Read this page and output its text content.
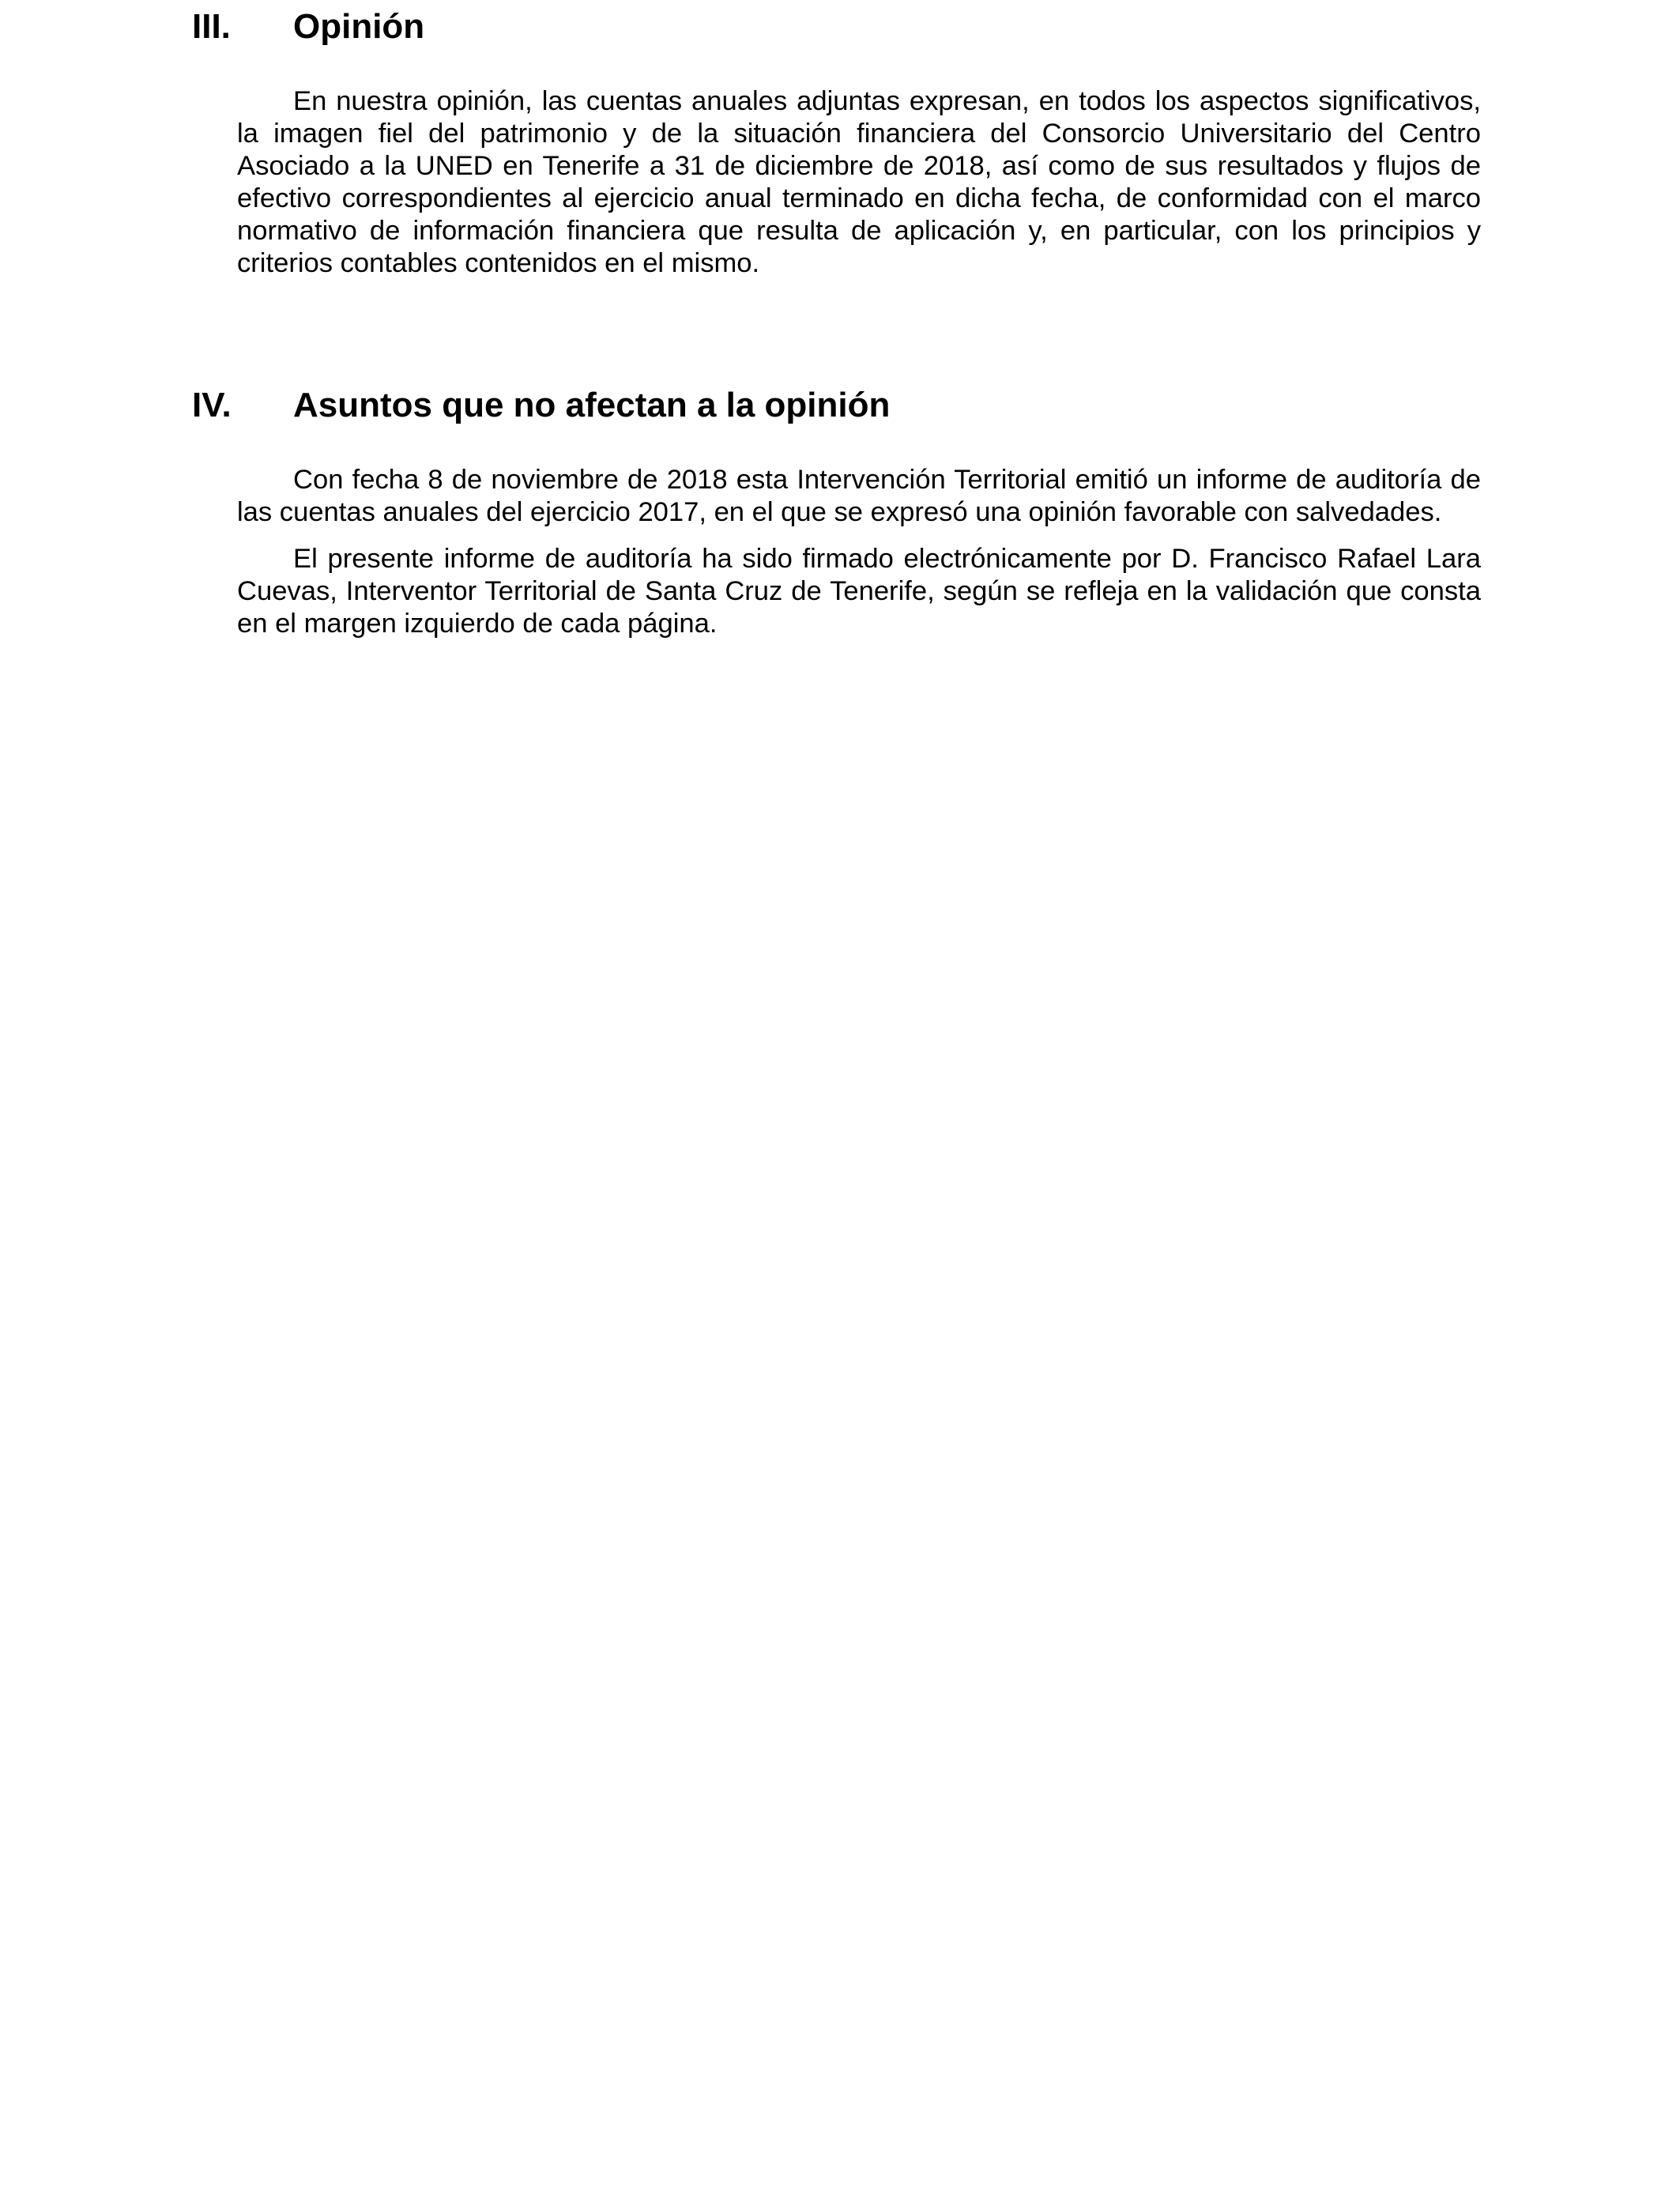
III. Opinión

En nuestra opinión, las cuentas anuales adjuntas expresan, en todos los aspectos significativos, la imagen fiel del patrimonio y de la situación financiera del Consorcio Universitario del Centro Asociado a la UNED en Tenerife a 31 de diciembre de 2018, así como de sus resultados y flujos de efectivo correspondientes al ejercicio anual terminado en dicha fecha, de conformidad con el marco normativo de información financiera que resulta de aplicación y, en particular, con los principios y criterios contables contenidos en el mismo.

IV. Asuntos que no afectan a la opinión

Con fecha 8 de noviembre de 2018 esta Intervención Territorial emitió un informe de auditoría de las cuentas anuales del ejercicio 2017, en el que se expresó una opinión favorable con salvedades.

El presente informe de auditoría ha sido firmado electrónicamente por D. Francisco Rafael Lara Cuevas, Interventor Territorial de Santa Cruz de Tenerife, según se refleja en la validación que consta en el margen izquierdo de cada página.
